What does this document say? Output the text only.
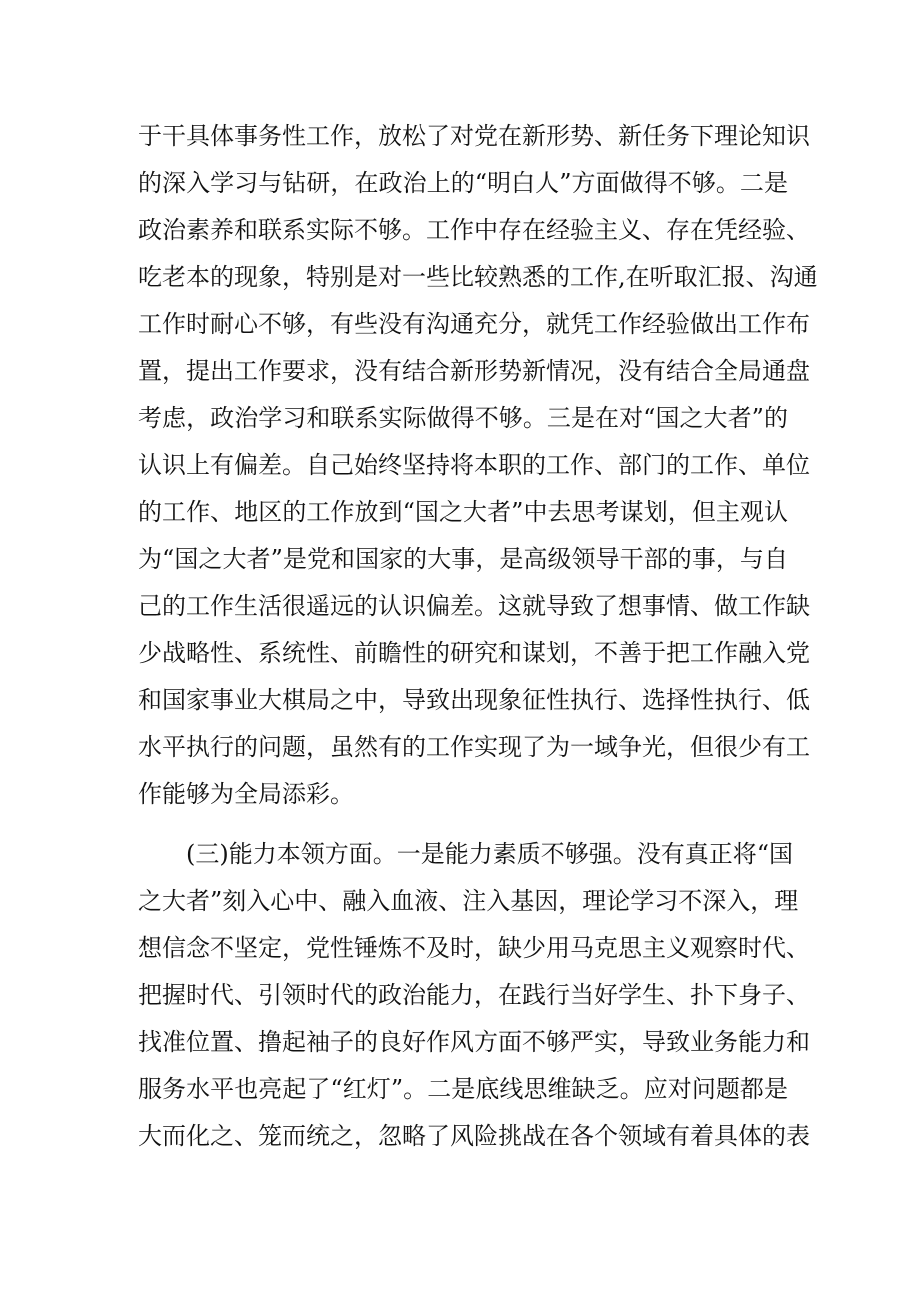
于干具体事务性工作，放松了对党在新形势、新任务下理论知识
的深入学习与钻研，在政治上的“明白人”方面做得不够。二是
政治素养和联系实际不够。工作中存在经验主义、存在凭经验、
吃老本的现象，特别是对一些比较熟悉的工作,在听取汇报、沟通
工作时耐心不够，有些没有沟通充分，就凭工作经验做出工作布
置，提出工作要求，没有结合新形势新情况，没有结合全局通盘
考虑，政治学习和联系实际做得不够。三是在对“国之大者”的
认识上有偏差。自己始终坚持将本职的工作、部门的工作、单位
的工作、地区的工作放到“国之大者”中去思考谋划，但主观认
为“国之大者”是党和国家的大事，是高级领导干部的事，与自
己的工作生活很遥远的认识偏差。这就导致了想事情、做工作缺
少战略性、系统性、前瞻性的研究和谋划，不善于把工作融入党
和国家事业大棋局之中，导致出现象征性执行、选择性执行、低
水平执行的问题，虽然有的工作实现了为一域争光，但很少有工
作能够为全局添彩。
(三)能力本领方面。一是能力素质不够强。没有真正将“国
之大者”刻入心中、融入血液、注入基因，理论学习不深入，理
想信念不坚定，党性锤炼不及时，缺少用马克思主义观察时代、
把握时代、引领时代的政治能力，在践行当好学生、扑下身子、
找准位置、撸起袖子的良好作风方面不够严实，导致业务能力和
服务水平也亮起了“红灯”。二是底线思维缺乏。应对问题都是
大而化之、笼而统之，忽略了风险挑战在各个领域有着具体的表
